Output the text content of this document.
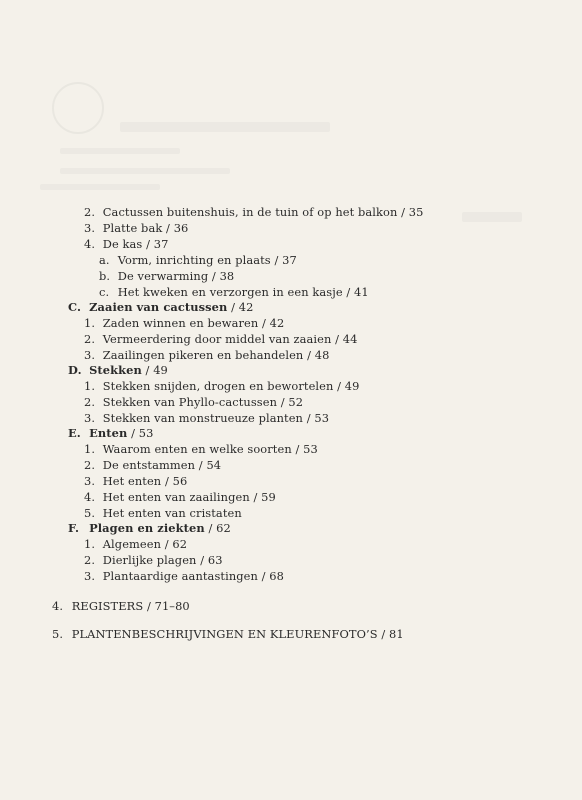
2. Cactussen buitenshuis, in de tuin of op het balkon / 35
3. Platte bak / 36
4. De kas / 37
a. Vorm, inrichting en plaats / 37
b. De verwarming / 38
c. Het kweken en verzorgen in een kasje / 41
C. Zaaien van cactussen / 42
1. Zaden winnen en bewaren / 42
2. Vermeerdering door middel van zaaien / 44
3. Zaailingen pikeren en behandelen / 48
D. Stekken / 49
1. Stekken snijden, drogen en bewortelen / 49
2. Stekken van Phyllo-cactussen / 52
3. Stekken van monstrueuze planten / 53
E. Enten / 53
1. Waarom enten en welke soorten / 53
2. De entstammen / 54
3. Het enten / 56
4. Het enten van zaailingen / 59
5. Het enten van cristaten
F. Plagen en ziekten / 62
1. Algemeen / 62
2. Dierlijke plagen / 63
3. Plantaardige aantastingen / 68
4. REGISTERS / 71–80
5. PLANTENBESCHRIJVINGEN EN KLEURENFOTO’S / 81
